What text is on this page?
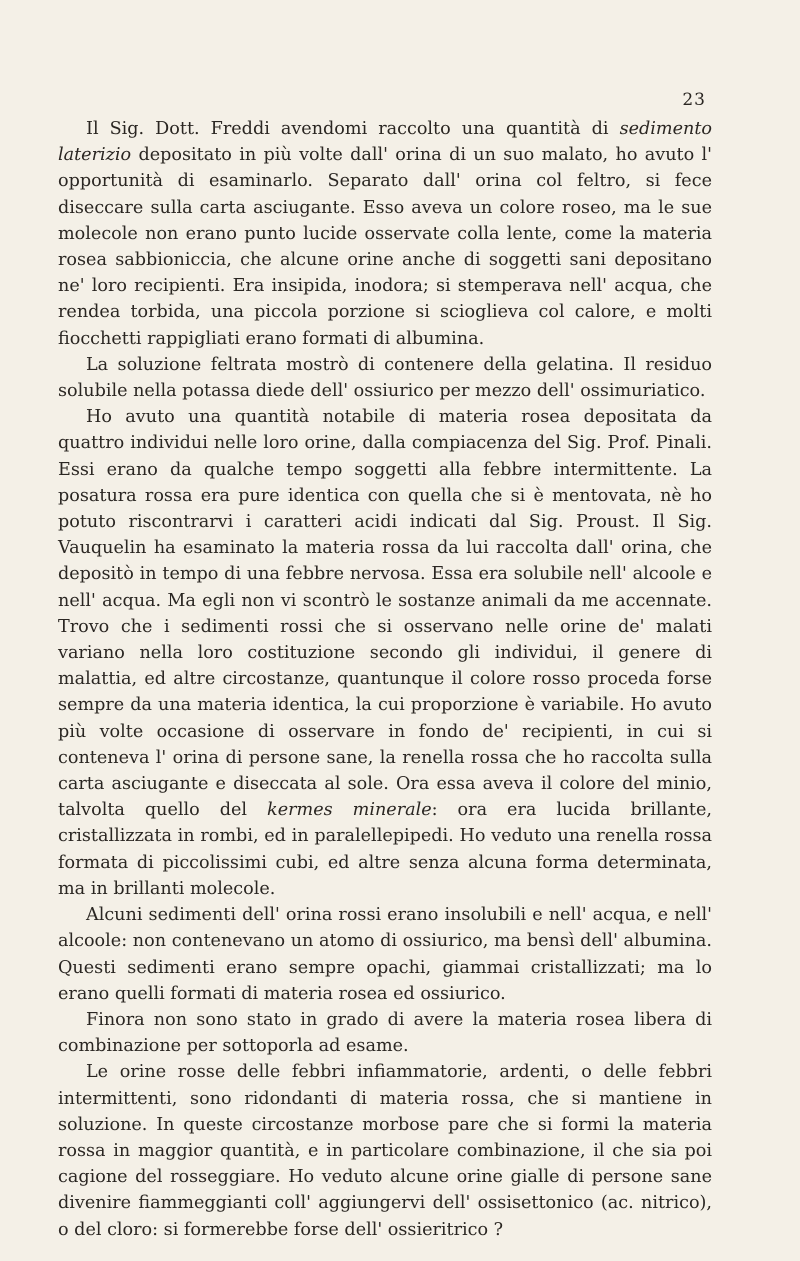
23

Il Sig. Dott. Freddi avendomi raccolto una quantità di sedimento laterizio depositato in più volte dall' orina di un suo malato, ho avuto l' opportunità di esaminarlo. Separato dall' orina col feltro, si fece diseccare sulla carta asciugante. Esso aveva un colore roseo, ma le sue molecole non erano punto lucide osservate colla lente, come la materia rosea sabbioniccia, che alcune orine anche di soggetti sani depositano ne' loro recipienti. Era insipida, inodora; si stemperava nell' acqua, che rendea torbida, una piccola porzione si scioglieva col calore, e molti fiocchetti rappigliati erano formati di albumina.

La soluzione feltrata mostrò di contenere della gelatina. Il residuo solubile nella potassa diede dell' ossiurico per mezzo dell' ossimuriatico.

Ho avuto una quantità notabile di materia rosea depositata da quattro individui nelle loro orine, dalla compiacenza del Sig. Prof. Pinali. Essi erano da qualche tempo soggetti alla febbre intermittente. La posatura rossa era pure identica con quella che si è mentovata, nè ho potuto riscontrarvi i caratteri acidi indicati dal Sig. Proust. Il Sig. Vauquelin ha esaminato la materia rossa da lui raccolta dall' orina, che depositò in tempo di una febbre nervosa. Essa era solubile nell' alcoole e nell' acqua. Ma egli non vi scontrò le sostanze animali da me accennate. Trovo che i sedimenti rossi che si osservano nelle orine de' malati variano nella loro costituzione secondo gli individui, il genere di malattia, ed altre circostanze, quantunque il colore rosso proceda forse sempre da una materia identica, la cui proporzione è variabile. Ho avuto più volte occasione di osservare in fondo de' recipienti, in cui si conteneva l' orina di persone sane, la renella rossa che ho raccolta sulla carta asciugante e diseccata al sole. Ora essa aveva il colore del minio, talvolta quello del kermes minerale: ora era lucida brillante, cristallizzata in rombi, ed in paralellepipedi. Ho veduto una renella rossa formata di piccolissimi cubi, ed altre senza alcuna forma determinata, ma in brillanti molecole.

Alcuni sedimenti dell' orina rossi erano insolubili e nell' acqua, e nell' alcoole: non contenevano un atomo di ossiurico, ma bensì dell' albumina. Questi sedimenti erano sempre opachi, giammai cristallizzati; ma lo erano quelli formati di materia rosea ed ossiurico.

Finora non sono stato in grado di avere la materia rosea libera di combinazione per sottoporla ad esame.

Le orine rosse delle febbri infiammatorie, ardenti, o delle febbri intermittenti, sono ridondanti di materia rossa, che si mantiene in soluzione. In queste circostanze morbose pare che si formi la materia rossa in maggior quantità, e in particolare combinazione, il che sia poi cagione del rosseggiare. Ho veduto alcune orine gialle di persone sane divenire fiammeggianti coll' aggiungervi dell' ossisettonico (ac. nitrico), o del cloro: si formerebbe forse dell' ossieritrico ?
